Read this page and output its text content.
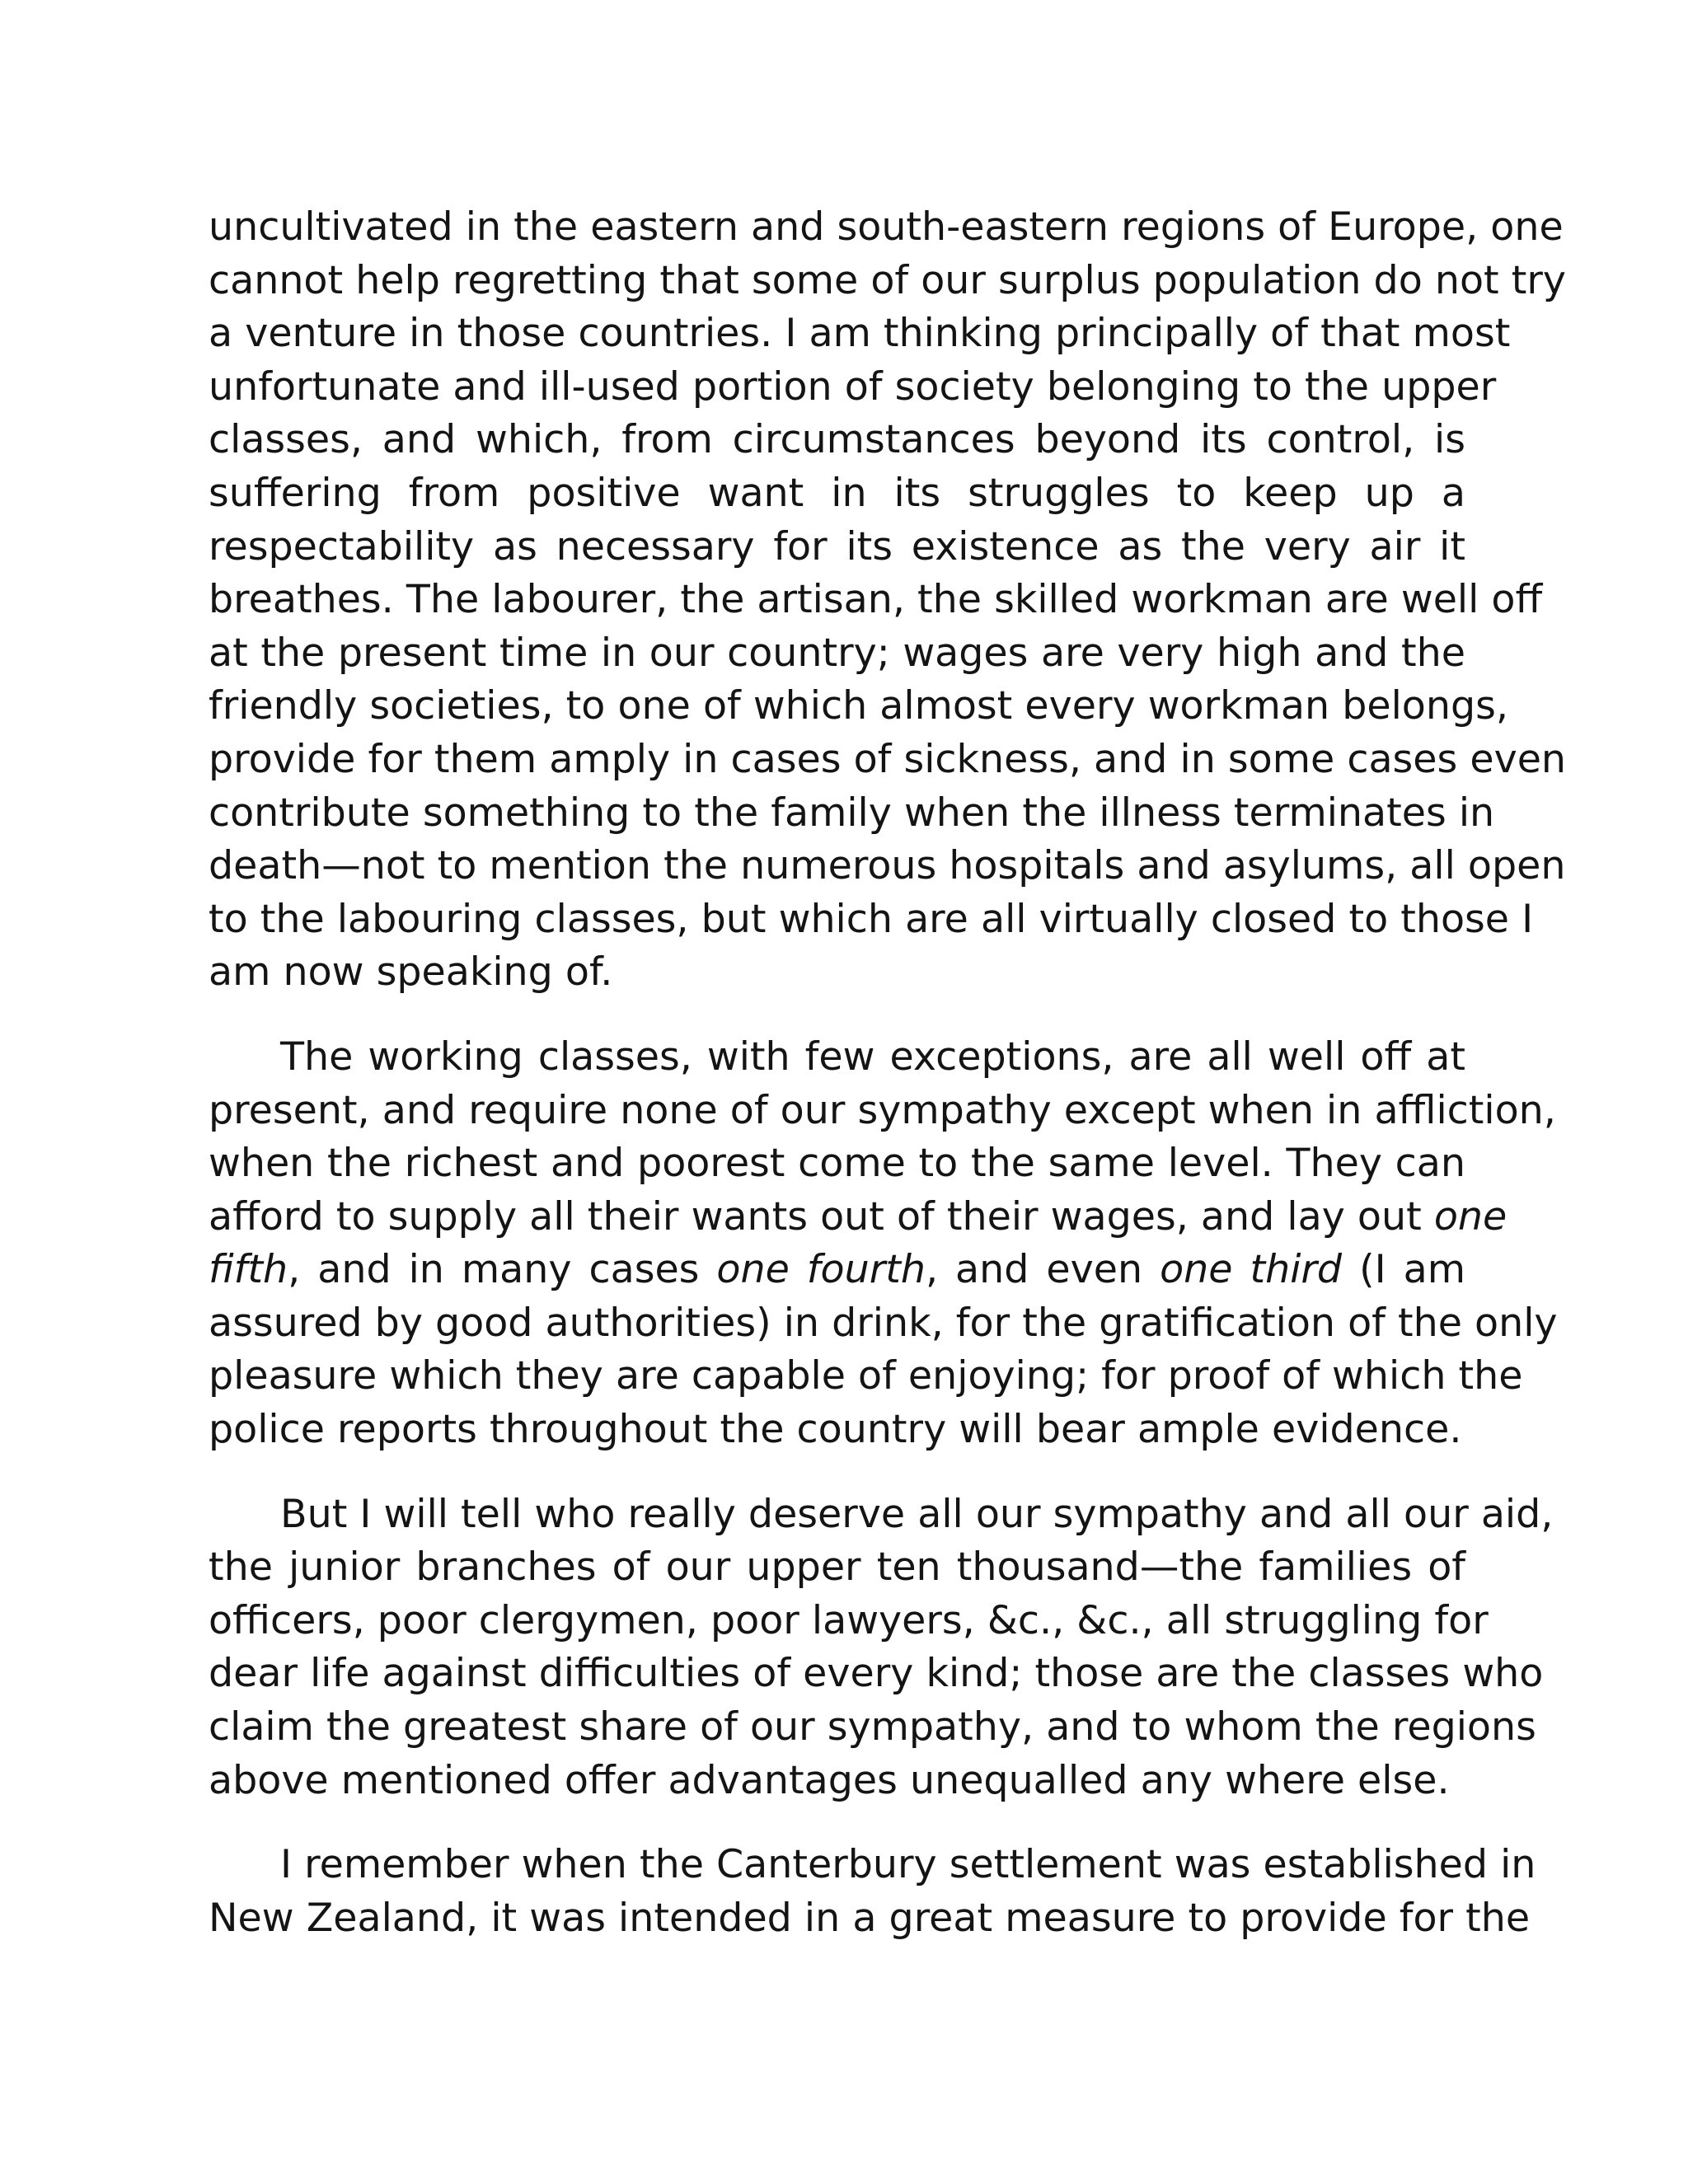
uncultivated in the eastern and south-eastern regions of Europe, one
cannot help regretting that some of our surplus population do not try
a venture in those countries. I am thinking principally of that most
unfortunate and ill-used portion of society belonging to the upper
classes, and which, from circumstances beyond its control, is
suffering from positive want in its struggles to keep up a
respectability as necessary for its existence as the very air it
breathes. The labourer, the artisan, the skilled workman are well off
at the present time in our country; wages are very high and the
friendly societies, to one of which almost every workman belongs,
provide for them amply in cases of sickness, and in some cases even
contribute something to the family when the illness terminates in
death—not to mention the numerous hospitals and asylums, all open
to the labouring classes, but which are all virtually closed to those I
am now speaking of.

The working classes, with few exceptions, are all well off at
present, and require none of our sympathy except when in affliction,
when the richest and poorest come to the same level. They can
afford to supply all their wants out of their wages, and lay out one
fifth, and in many cases one fourth, and even one third (I am
assured by good authorities) in drink, for the gratification of the only
pleasure which they are capable of enjoying; for proof of which the
police reports throughout the country will bear ample evidence.

But I will tell who really deserve all our sympathy and all our aid,
the junior branches of our upper ten thousand—the families of
officers, poor clergymen, poor lawyers, &c., &c., all struggling for
dear life against difficulties of every kind; those are the classes who
claim the greatest share of our sympathy, and to whom the regions
above mentioned offer advantages unequalled any where else.

I remember when the Canterbury settlement was established in
New Zealand, it was intended in a great measure to provide for the
